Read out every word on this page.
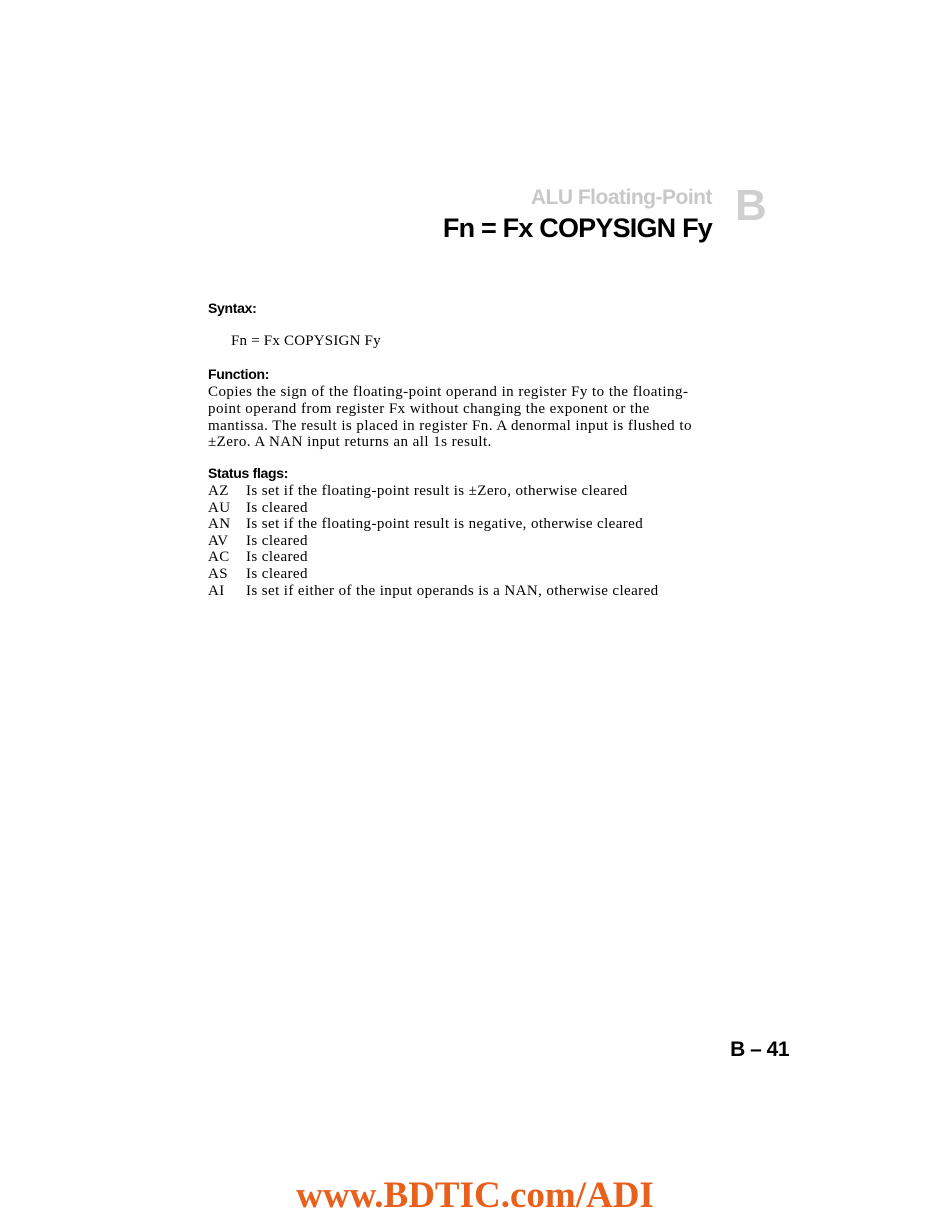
ALU Floating-Point B
Fn = Fx COPYSIGN Fy
Syntax:
Fn = Fx COPYSIGN Fy
Function:
Copies the sign of the floating-point operand in register Fy to the floating-point operand from register Fx without changing the exponent or the mantissa. The result is placed in register Fn. A denormal input is flushed to ±Zero. A NAN input returns an all 1s result.
Status flags:
AZ	Is set if the floating-point result is ±Zero, otherwise cleared
AU	Is cleared
AN	Is set if the floating-point result is negative, otherwise cleared
AV	Is cleared
AC	Is cleared
AS	Is cleared
AI	Is set if either of the input operands is a NAN, otherwise cleared
B – 41
www.BDTIC.com/ADI
